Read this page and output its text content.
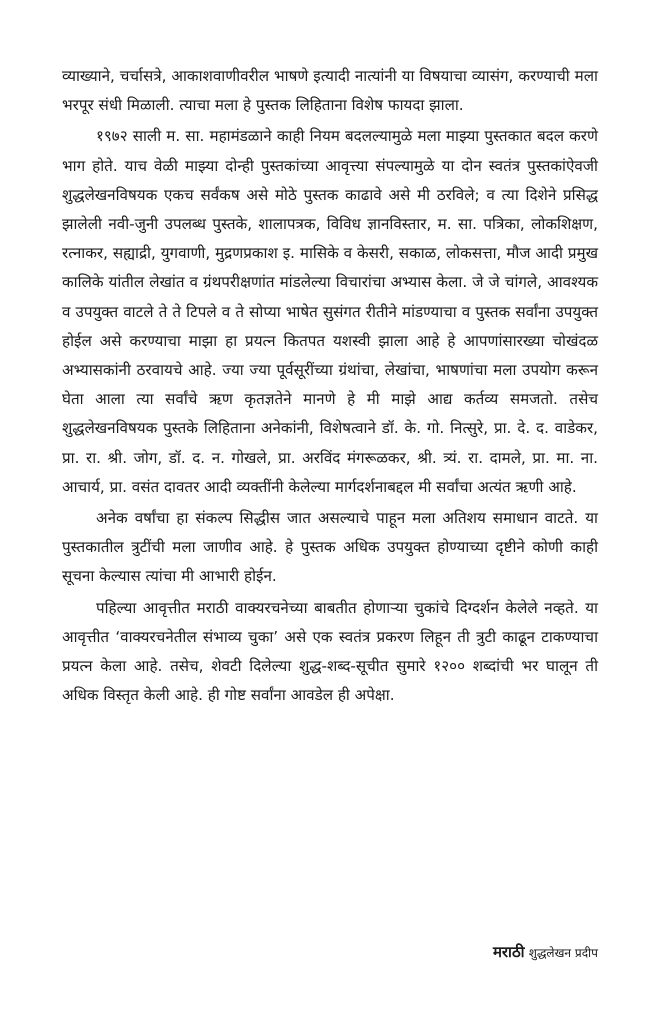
व्याख्याने, चर्चासत्रे, आकाशवाणीवरील भाषणे इत्यादी नात्यांनी या विषयाचा व्यासंग, करण्याची मला भरपूर संधी मिळाली. त्याचा मला हे पुस्तक लिहिताना विशेष फायदा झाला.

१९७२ साली म. सा. महामंडळाने काही नियम बदलल्यामुळे मला माझ्या पुस्तकात बदल करणे भाग होते. याच वेळी माझ्या दोन्ही पुस्तकांच्या आवृत्त्या संपल्यामुळे या दोन स्वतंत्र पुस्तकांऐवजी शुद्धलेखनविषयक एकच सर्वंकष असे मोठे पुस्तक काढावे असे मी ठरविले; व त्या दिशेने प्रसिद्ध झालेली नवी-जुनी उपलब्ध पुस्तके, शालापत्रक, विविध ज्ञानविस्तार, म. सा. पत्रिका, लोकशिक्षण, रत्नाकर, सह्याद्री, युगवाणी, मुद्रणप्रकाश इ. मासिके व केसरी, सकाळ, लोकसत्ता, मौज आदी प्रमुख कालिके यांतील लेखांत व ग्रंथपरीक्षणांत मांडलेल्या विचारांचा अभ्यास केला. जे जे चांगले, आवश्यक व उपयुक्त वाटले ते ते टिपले व ते सोप्या भाषेत सुसंगत रीतीने मांडण्याचा व पुस्तक सर्वांना उपयुक्त होईल असे करण्याचा माझा हा प्रयत्न कितपत यशस्वी झाला आहे हे आपणांसारख्या चोखंदळ अभ्यासकांनी ठरवायचे आहे. ज्या ज्या पूर्वसूरींच्या ग्रंथांचा, लेखांचा, भाषणांचा मला उपयोग करून घेता आला त्या सर्वांचे ऋण कृतज्ञतेने मानणे हे मी माझे आद्य कर्तव्य समजतो. तसेच शुद्धलेखनविषयक पुस्तके लिहिताना अनेकांनी, विशेषत्वाने डॉ. के. गो. नित्सुरे, प्रा. दे. द. वाडेकर, प्रा. रा. श्री. जोग, डॉ. द. न. गोखले, प्रा. अरविंद मंगरूळकर, श्री. त्र्यं. रा. दामले, प्रा. मा. ना. आचार्य, प्रा. वसंत दावतर आदी व्यक्तींनी केलेल्या मार्गदर्शनाबद्दल मी सर्वांचा अत्यंत ऋणी आहे.

अनेक वर्षांचा हा संकल्प सिद्धीस जात असल्याचे पाहून मला अतिशय समाधान वाटते. या पुस्तकातील त्रुटींची मला जाणीव आहे. हे पुस्तक अधिक उपयुक्त होण्याच्या दृष्टीने कोणी काही सूचना केल्यास त्यांचा मी आभारी होईन.

पहिल्या आवृत्तीत मराठी वाक्यरचनेच्या बाबतीत होणाऱ्या चुकांचे दिग्दर्शन केलेले नव्हते. या आवृत्तीत ‘वाक्यरचनेतील संभाव्य चुका’ असे एक स्वतंत्र प्रकरण लिहून ती त्रुटी काढून टाकण्याचा प्रयत्न केला आहे. तसेच, शेवटी दिलेल्या शुद्ध-शब्द-सूचीत सुमारे १२०० शब्दांची भर घालून ती अधिक विस्तृत केली आहे. ही गोष्ट सर्वांना आवडेल ही अपेक्षा.

मराठी शुद्धलेखन प्रदीप
